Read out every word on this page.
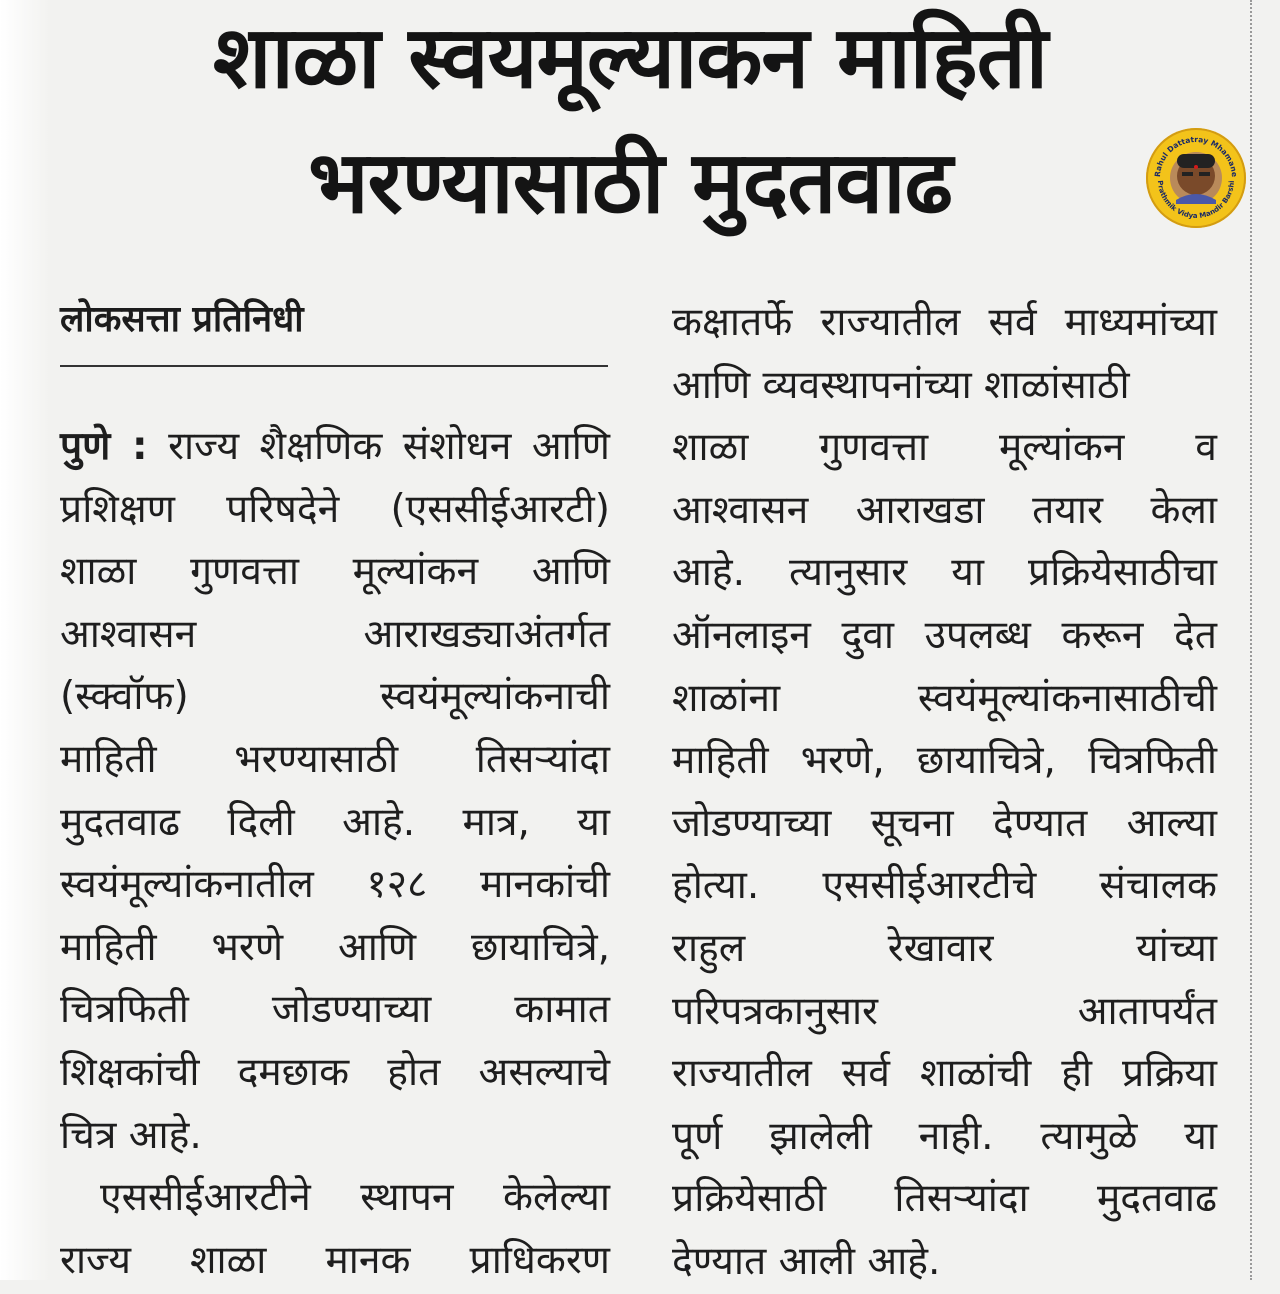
शाळा स्वयमूल्याकन माहिती
भरण्यासाठी मुदतवाढ	Rahul Dattatray Mhamane
Prathmik Vidya Mandir Barshi
लोकसत्ता प्रतिनिधी
पुणे : राज्य शैक्षणिक संशोधन आणि
प्रशिक्षण परिषदेने (एससीईआरटी)
शाळा गुणवत्ता मूल्यांकन आणि
आश्वासन आराखड्याअंतर्गत
(स्क्वॉफ) स्वयंमूल्यांकनाची
माहिती भरण्यासाठी तिसऱ्यांदा
मुदतवाढ दिली आहे. मात्र, या
स्वयंमूल्यांकनातील १२८ मानकांची
माहिती भरणे आणि छायाचित्रे,
चित्रफिती जोडण्याच्या कामात
शिक्षकांची दमछाक होत असल्याचे
चित्र आहे.
एससीईआरटीने स्थापन केलेल्या
राज्य शाळा मानक प्राधिकरण
कक्षातर्फे राज्यातील सर्व माध्यमांच्या
आणि व्यवस्थापनांच्या शाळांसाठी
शाळा गुणवत्ता मूल्यांकन व
आश्वासन आराखडा तयार केला
आहे. त्यानुसार या प्रक्रियेसाठीचा
ऑनलाइन दुवा उपलब्ध करून देत
शाळांना स्वयंमूल्यांकनासाठीची
माहिती भरणे, छायाचित्रे, चित्रफिती
जोडण्याच्या सूचना देण्यात आल्या
होत्या. एससीईआरटीचे संचालक
राहुल रेखावार यांच्या
परिपत्रकानुसार आतापर्यंत
राज्यातील सर्व शाळांची ही प्रक्रिया
पूर्ण झालेली नाही. त्यामुळे या
प्रक्रियेसाठी तिसऱ्यांदा मुदतवाढ
देण्यात आली आहे.
